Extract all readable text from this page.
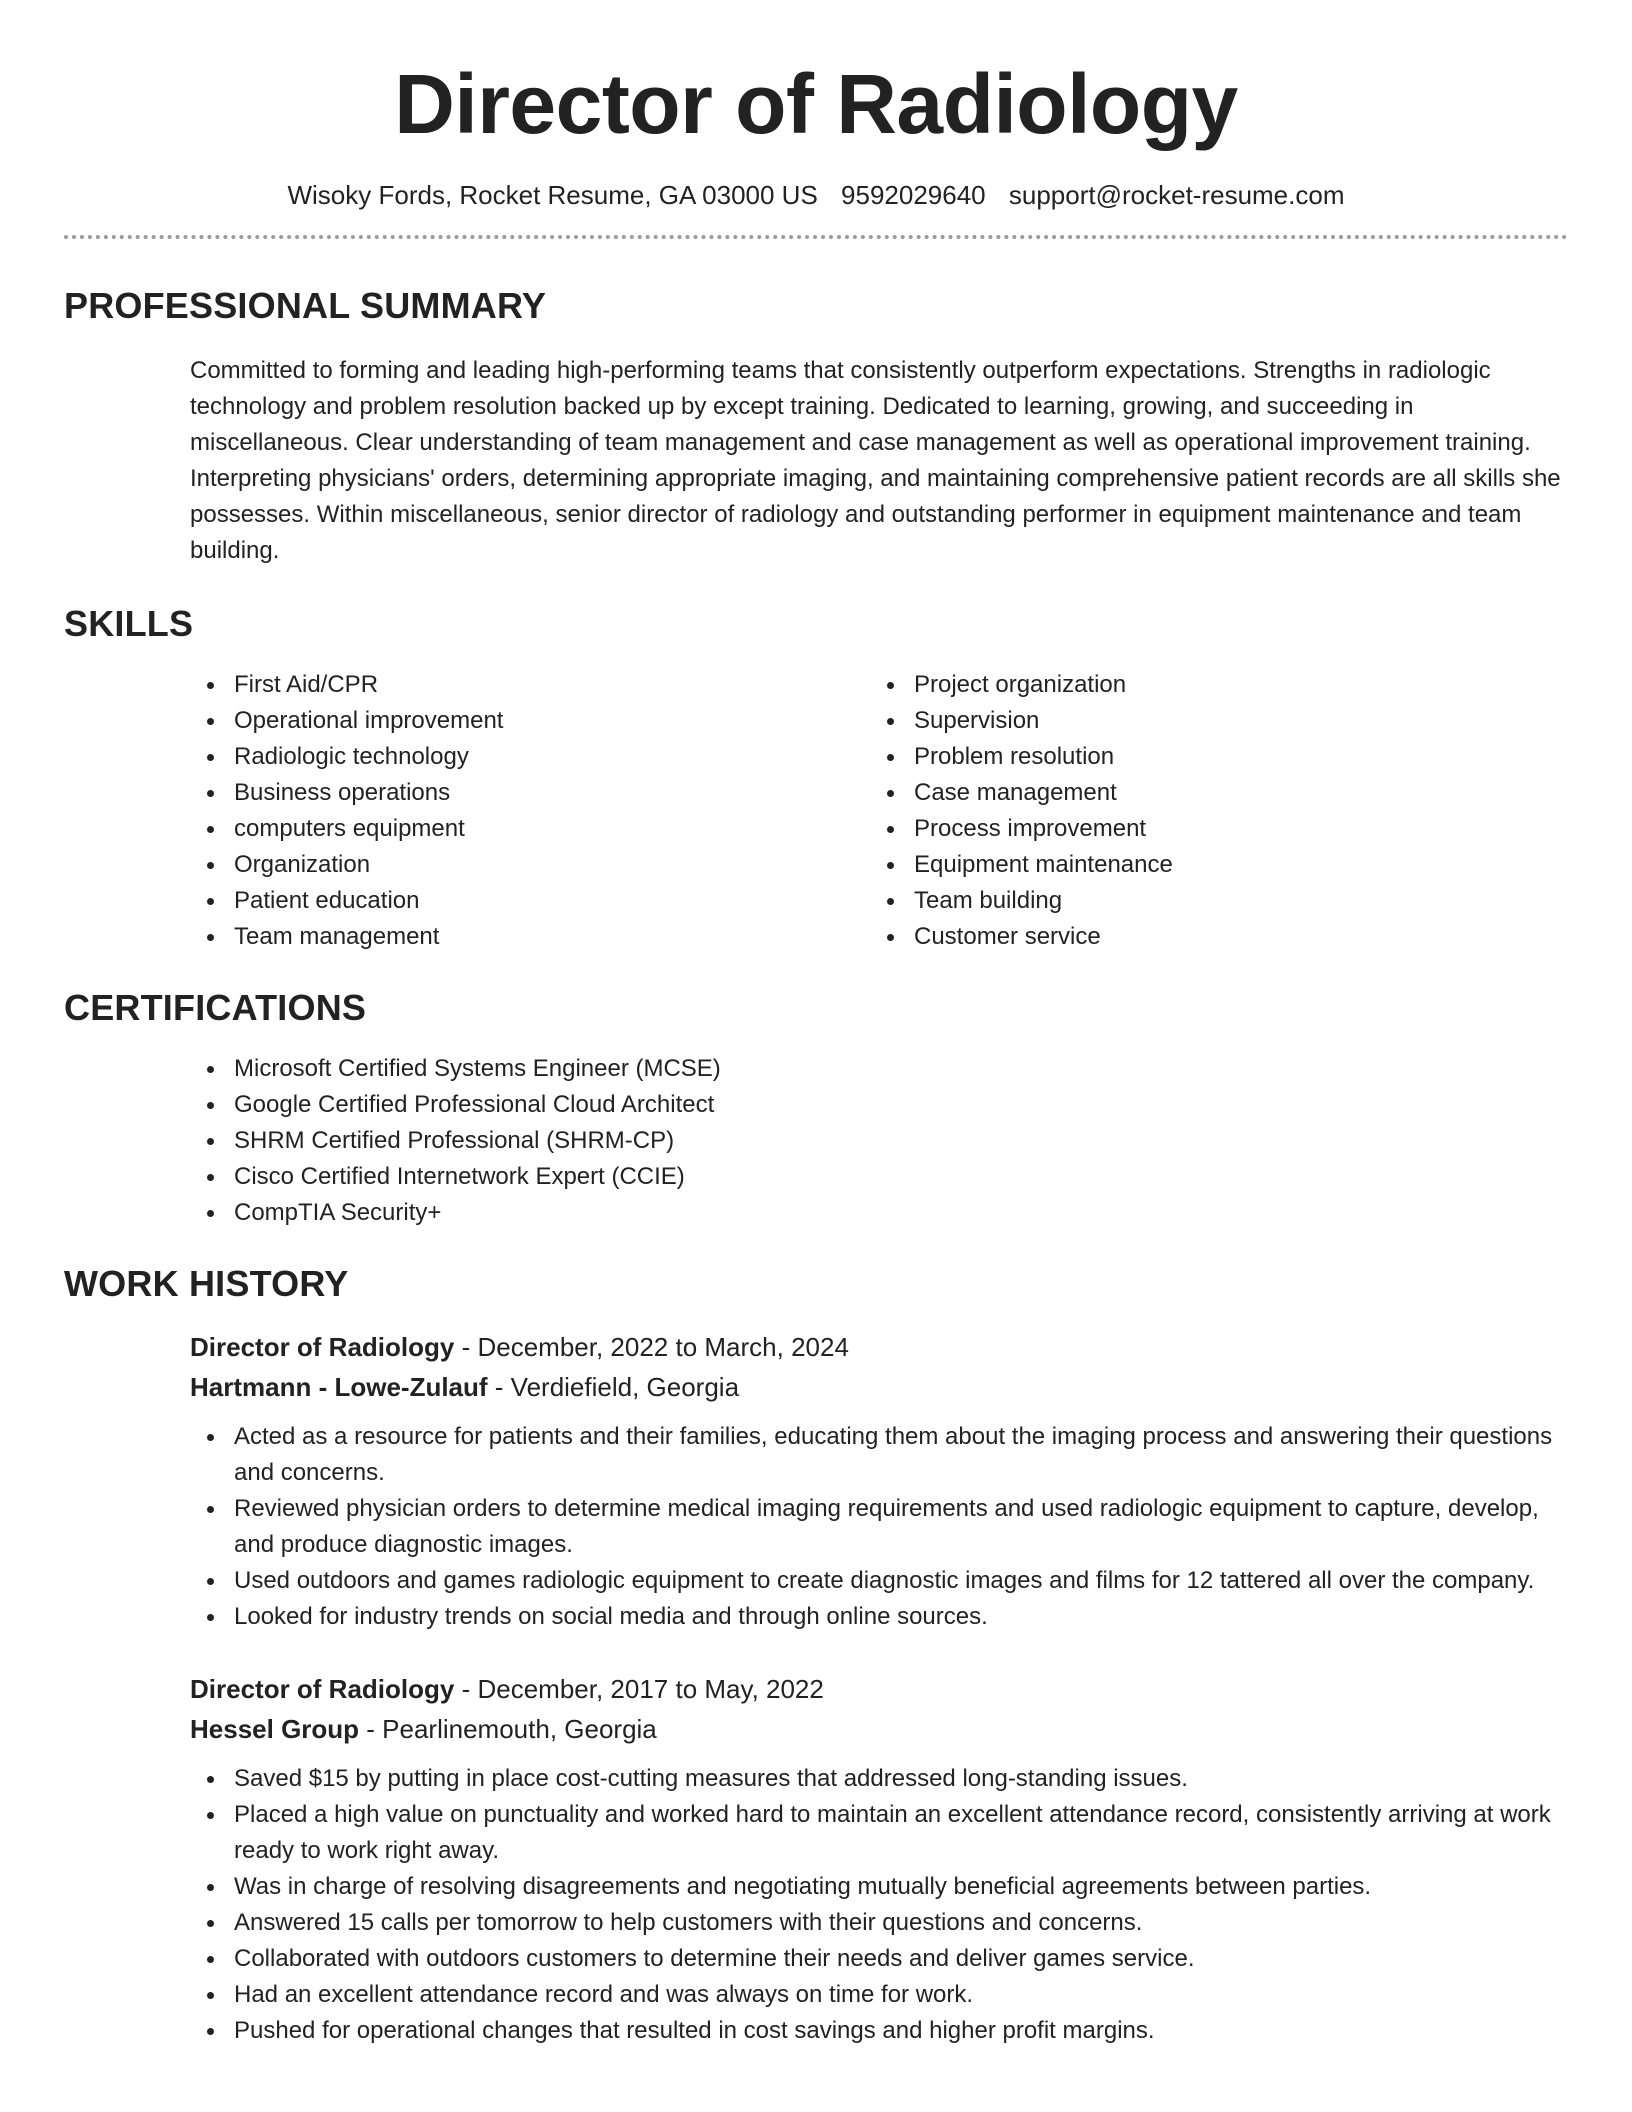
Director of Radiology
Wisoky Fords, Rocket Resume, GA 03000 US 9592029640 support@rocket-resume.com
PROFESSIONAL SUMMARY

Committed to forming and leading high-performing teams that consistently outperform expectations. Strengths in radiologic technology and problem resolution backed up by except training. Dedicated to learning, growing, and succeeding in miscellaneous. Clear understanding of team management and case management as well as operational improvement training. Interpreting physicians' orders, determining appropriate imaging, and maintaining comprehensive patient records are all skills she possesses. Within miscellaneous, senior director of radiology and outstanding performer in equipment maintenance and team building.

SKILLS
First Aid/CPR
Operational improvement
Radiologic technology
Business operations
computers equipment
Organization
Patient education
Team management
Project organization
Supervision
Problem resolution
Case management
Process improvement
Equipment maintenance
Team building
Customer service
CERTIFICATIONS
Microsoft Certified Systems Engineer (MCSE)
Google Certified Professional Cloud Architect
SHRM Certified Professional (SHRM-CP)
Cisco Certified Internetwork Expert (CCIE)
CompTIA Security+
WORK HISTORY
Director of Radiology - December, 2022 to March, 2024
Hartmann - Lowe-Zulauf - Verdiefield, Georgia
Acted as a resource for patients and their families, educating them about the imaging process and answering their questions and concerns.
Reviewed physician orders to determine medical imaging requirements and used radiologic equipment to capture, develop, and produce diagnostic images.
Used outdoors and games radiologic equipment to create diagnostic images and films for 12 tattered all over the company.
Looked for industry trends on social media and through online sources.
Director of Radiology - December, 2017 to May, 2022
Hessel Group - Pearlinemouth, Georgia
Saved $15 by putting in place cost-cutting measures that addressed long-standing issues.
Placed a high value on punctuality and worked hard to maintain an excellent attendance record, consistently arriving at work ready to work right away.
Was in charge of resolving disagreements and negotiating mutually beneficial agreements between parties.
Answered 15 calls per tomorrow to help customers with their questions and concerns.
Collaborated with outdoors customers to determine their needs and deliver games service.
Had an excellent attendance record and was always on time for work.
Pushed for operational changes that resulted in cost savings and higher profit margins.
